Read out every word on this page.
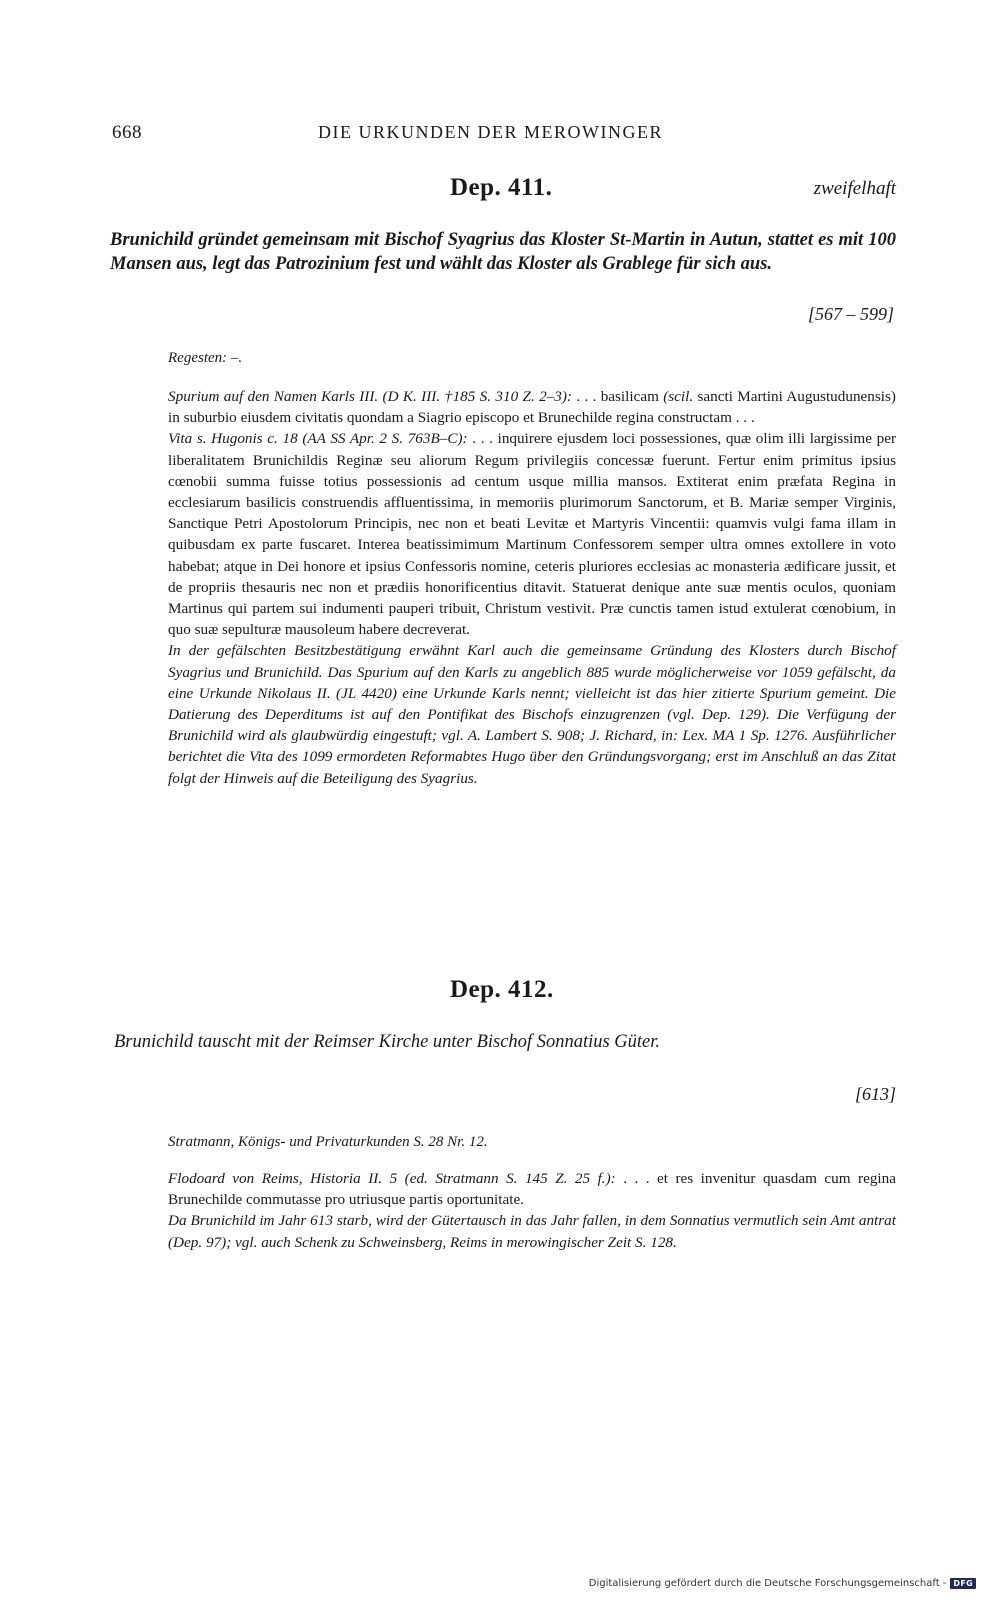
668	DIE URKUNDEN DER MEROWINGER
Dep. 411.	zweifelhaft
Brunichild gründet gemeinsam mit Bischof Syagrius das Kloster St-Martin in Autun, stattet es mit 100 Mansen aus, legt das Patrozinium fest und wählt das Kloster als Grablege für sich aus.
[567 – 599]
Regesten: –.

Spurium auf den Namen Karls III. (D K. III. †185 S. 310 Z. 2–3): . . . basilicam (scil. sancti Martini Augustudunensis) in suburbio eiusdem civitatis quondam a Siagrio episcopo et Brunechilde regina constructam . . .

Vita s. Hugonis c. 18 (AA SS Apr. 2 S. 763B–C): . . . inquirere ejusdem loci possessiones, quæ olim illi largissime per liberalitatem Brunichildis Reginæ seu aliorum Regum privilegiis concessæ fuerunt. Fertur enim primitus ipsius cœnobii summa fuisse totius possessionis ad centum usque millia mansos. Extiterat enim præfata Regina in ecclesiarum basilicis construendis affluentissima, in memoriis plurimorum Sanctorum, et B. Mariæ semper Virginis, Sanctique Petri Apostolorum Principis, nec non et beati Levitæ et Martyris Vincentii: quamvis vulgi fama illam in quibusdam ex parte fuscaret. Interea beatissimimum Martinum Confessorem semper ultra omnes extollere in voto habebat; atque in Dei honore et ipsius Confessoris nomine, ceteris pluriores ecclesias ac monasteria ædificare jussit, et de propriis thesauris nec non et prædiis honorificentius ditavit. Statuerat denique ante suæ mentis oculos, quoniam Martinus qui partem sui indumenti pauperi tribuit, Christum vestivit. Præ cunctis tamen istud extulerat cœnobium, in quo suæ sepulturæ mausoleum habere decreverat.

In der gefälschten Besitzbestätigung erwähnt Karl auch die gemeinsame Gründung des Klosters durch Bischof Syagrius und Brunichild. Das Spurium auf den Karls zu angeblich 885 wurde möglicherweise vor 1059 gefälscht, da eine Urkunde Nikolaus II. (JL 4420) eine Urkunde Karls nennt; vielleicht ist das hier zitierte Spurium gemeint. Die Datierung des Deperditums ist auf den Pontifikat des Bischofs einzugrenzen (vgl. Dep. 129). Die Verfügung der Brunichild wird als glaubwürdig eingestuft; vgl. A. Lambert S. 908; J. Richard, in: Lex. MA 1 Sp. 1276. Ausführlicher berichtet die Vita des 1099 ermordeten Reformabtes Hugo über den Gründungsvorgang; erst im Anschluß an das Zitat folgt der Hinweis auf die Beteiligung des Syagrius.

Dep. 412.
Brunichild tauscht mit der Reimser Kirche unter Bischof Sonnatius Güter.
[613]
Stratmann, Königs- und Privaturkunden S. 28 Nr. 12.

Flodoard von Reims, Historia II. 5 (ed. Stratmann S. 145 Z. 25 f.): . . . et res invenitur quasdam cum regina Brunechilde commutasse pro utriusque partis oportunitate.

Da Brunichild im Jahr 613 starb, wird der Gütertausch in das Jahr fallen, in dem Sonnatius vermutlich sein Amt antrat (Dep. 97); vgl. auch Schenk zu Schweinsberg, Reims in merowingischer Zeit S. 128.

Digitalisierung gefördert durch die Deutsche Forschungsgemeinschaft - DFG
